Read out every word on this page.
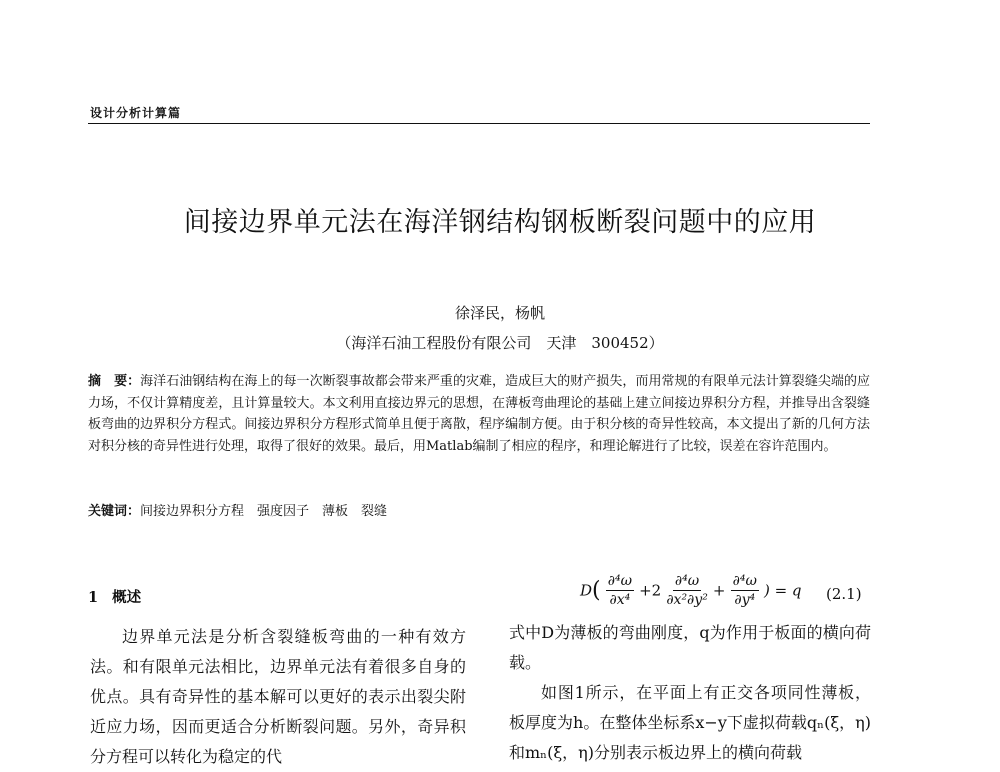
设计分析计算篇
间接边界单元法在海洋钢结构钢板断裂问题中的应用
徐泽民，杨帆
（海洋石油工程股份有限公司　天津　300452）
摘　要：海洋石油钢结构在海上的每一次断裂事故都会带来严重的灾难，造成巨大的财产损失，而用常规的有限单元法计算裂缝尖端的应力场，不仅计算精度差，且计算量较大。本文利用直接边界元的思想，在薄板弯曲理论的基础上建立间接边界积分方程，并推导出含裂缝板弯曲的边界积分方程式。间接边界积分方程形式简单且便于离散，程序编制方便。由于积分核的奇异性较高，本文提出了新的几何方法对积分核的奇异性进行处理，取得了很好的效果。最后，用Matlab编制了相应的程序，和理论解进行了比较，误差在容许范围内。
关键词：间接边界积分方程　强度因子　薄板　裂缝
1 概述

边界单元法是分析含裂缝板弯曲的一种有效方法。和有限单元法相比，边界单元法有着很多自身的优点。具有奇异性的基本解可以更好的表示出裂尖附近应力场，因而更适合分析断裂问题。另外，奇异积分方程可以转化为稳定的代

$D( \frac{\text{∂⁴ω}}{\text{∂x⁴}} +2 \frac{\text{∂⁴ω}}{\text{∂x²∂y²}} + \frac{\text{∂⁴ω}}{\text{∂y⁴}}$ ) = q	(2.1)

式中D为薄板的弯曲刚度，q为作用于板面的横向荷载。

如图1所示，在平面上有正交各项同性薄板，板厚度为h。在整体坐标系x−y下虚拟荷载qₙ(ξ，η)和mₙ(ξ，η)分别表示板边界上的横向荷载
